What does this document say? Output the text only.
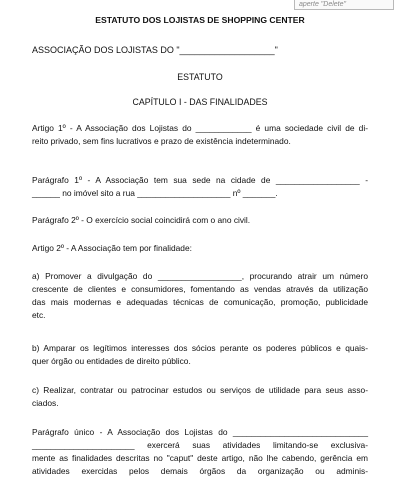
aperte "Delete"

ESTATUTO DOS LOJISTAS DE SHOPPING CENTER

ASSOCIAÇÃO DOS LOJISTAS DO "___________________"
ESTATUTO
CAPÍTULO I - DAS FINALIDADES

Artigo 1º - A Associação dos Lojistas do ____________ é uma sociedade civil de di-

reito privado, sem fins lucrativos e prazo de existência indeterminado.

Parágrafo 1º - A Associação tem sua sede na cidade de __________________ -

______ no imóvel sito a rua ____________________ nº _______.

Parágrafo 2º - O exercício social coincidirá com o ano civil.

Artigo 2º - A Associação tem por finalidade:

a) Promover a divulgação do __________________, procurando atrair um número

crescente de clientes e consumidores, fomentando as vendas através da utilização

das mais modernas e adequadas técnicas de comunicação, promoção, publicidade

etc.

b) Amparar os legítimos interesses dos sócios perante os poderes públicos e quais-

quer órgão ou entidades de direito público.

c) Realizar, contratar ou patrocinar estudos ou serviços de utilidade para seus asso-

ciados.

Parágrafo único - A Associação dos Lojistas do _____________________________

______________________ exercerá suas atividades limitando-se exclusiva-

mente as finalidades descritas no "caput" deste artigo, não lhe cabendo, gerência em

atividades exercidas pelos demais órgãos da organização ou adminis-
